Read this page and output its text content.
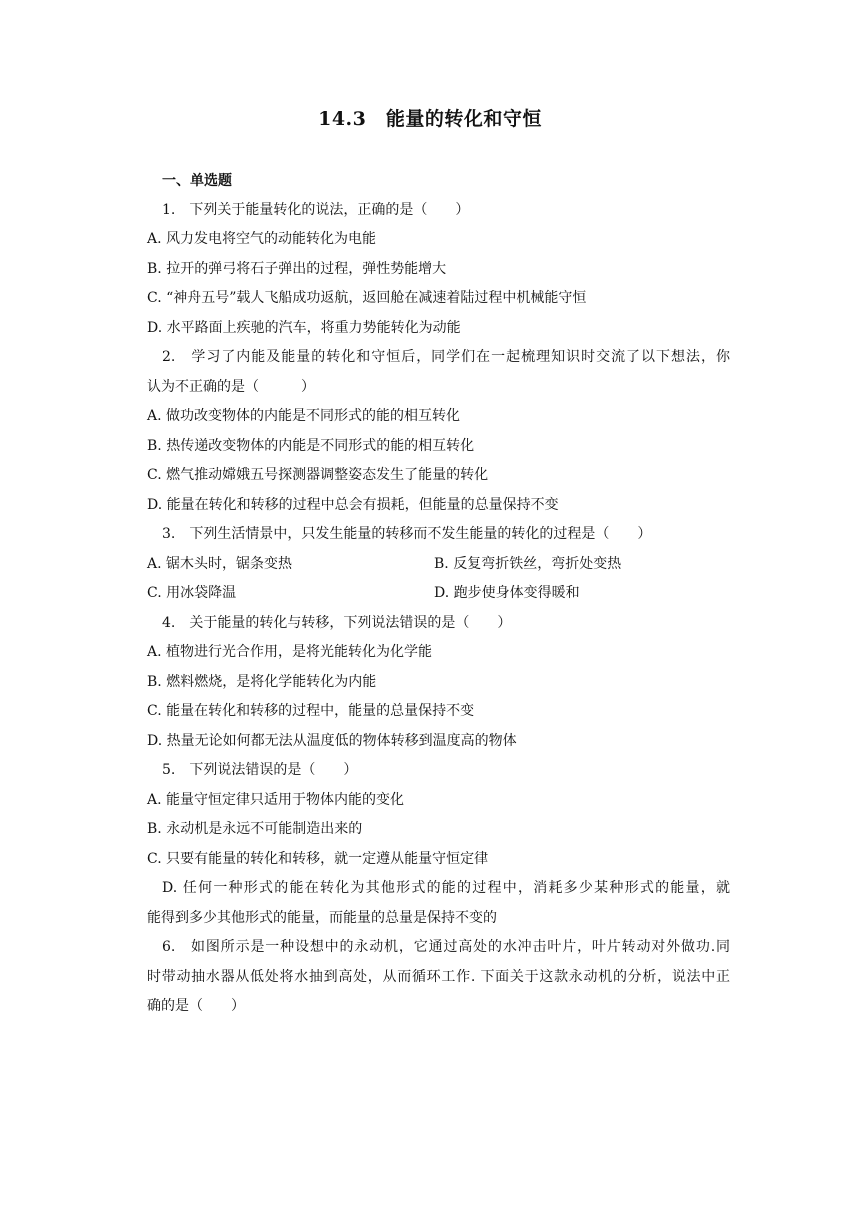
14.3　能量的转化和守恒
一、单选题
1.　下列关于能量转化的说法，正确的是（　　）
A. 风力发电将空气的动能转化为电能
B. 拉开的弹弓将石子弹出的过程，弹性势能增大
C. “神舟五号”载人飞船成功返航，返回舱在减速着陆过程中机械能守恒
D. 水平路面上疾驰的汽车，将重力势能转化为动能
2.　学习了内能及能量的转化和守恒后，同学们在一起梳理知识时交流了以下想法，你
认为不正确的是（　　　）
A. 做功改变物体的内能是不同形式的能的相互转化
B. 热传递改变物体的内能是不同形式的能的相互转化
C. 燃气推动嫦娥五号探测器调整姿态发生了能量的转化
D. 能量在转化和转移的过程中总会有损耗，但能量的总量保持不变
3.　下列生活情景中，只发生能量的转移而不发生能量的转化的过程是（　　）
A. 锯木头时，锯条变热	B. 反复弯折铁丝，弯折处变热
C. 用冰袋降温	D. 跑步使身体变得暖和
4.　关于能量的转化与转移，下列说法错误的是（　　）
A. 植物进行光合作用，是将光能转化为化学能
B. 燃料燃烧，是将化学能转化为内能
C. 能量在转化和转移的过程中，能量的总量保持不变
D. 热量无论如何都无法从温度低的物体转移到温度高的物体
5.　下列说法错误的是（　　）
A. 能量守恒定律只适用于物体内能的变化
B. 永动机是永远不可能制造出来的
C. 只要有能量的转化和转移，就一定遵从能量守恒定律
D. 任何一种形式的能在转化为其他形式的能的过程中，消耗多少某种形式的能量，就
能得到多少其他形式的能量，而能量的总量是保持不变的
6.　如图所示是一种设想中的永动机，它通过高处的水冲击叶片，叶片转动对外做功.同
时带动抽水器从低处将水抽到高处，从而循环工作. 下面关于这款永动机的分析，说法中正
确的是（　　）
